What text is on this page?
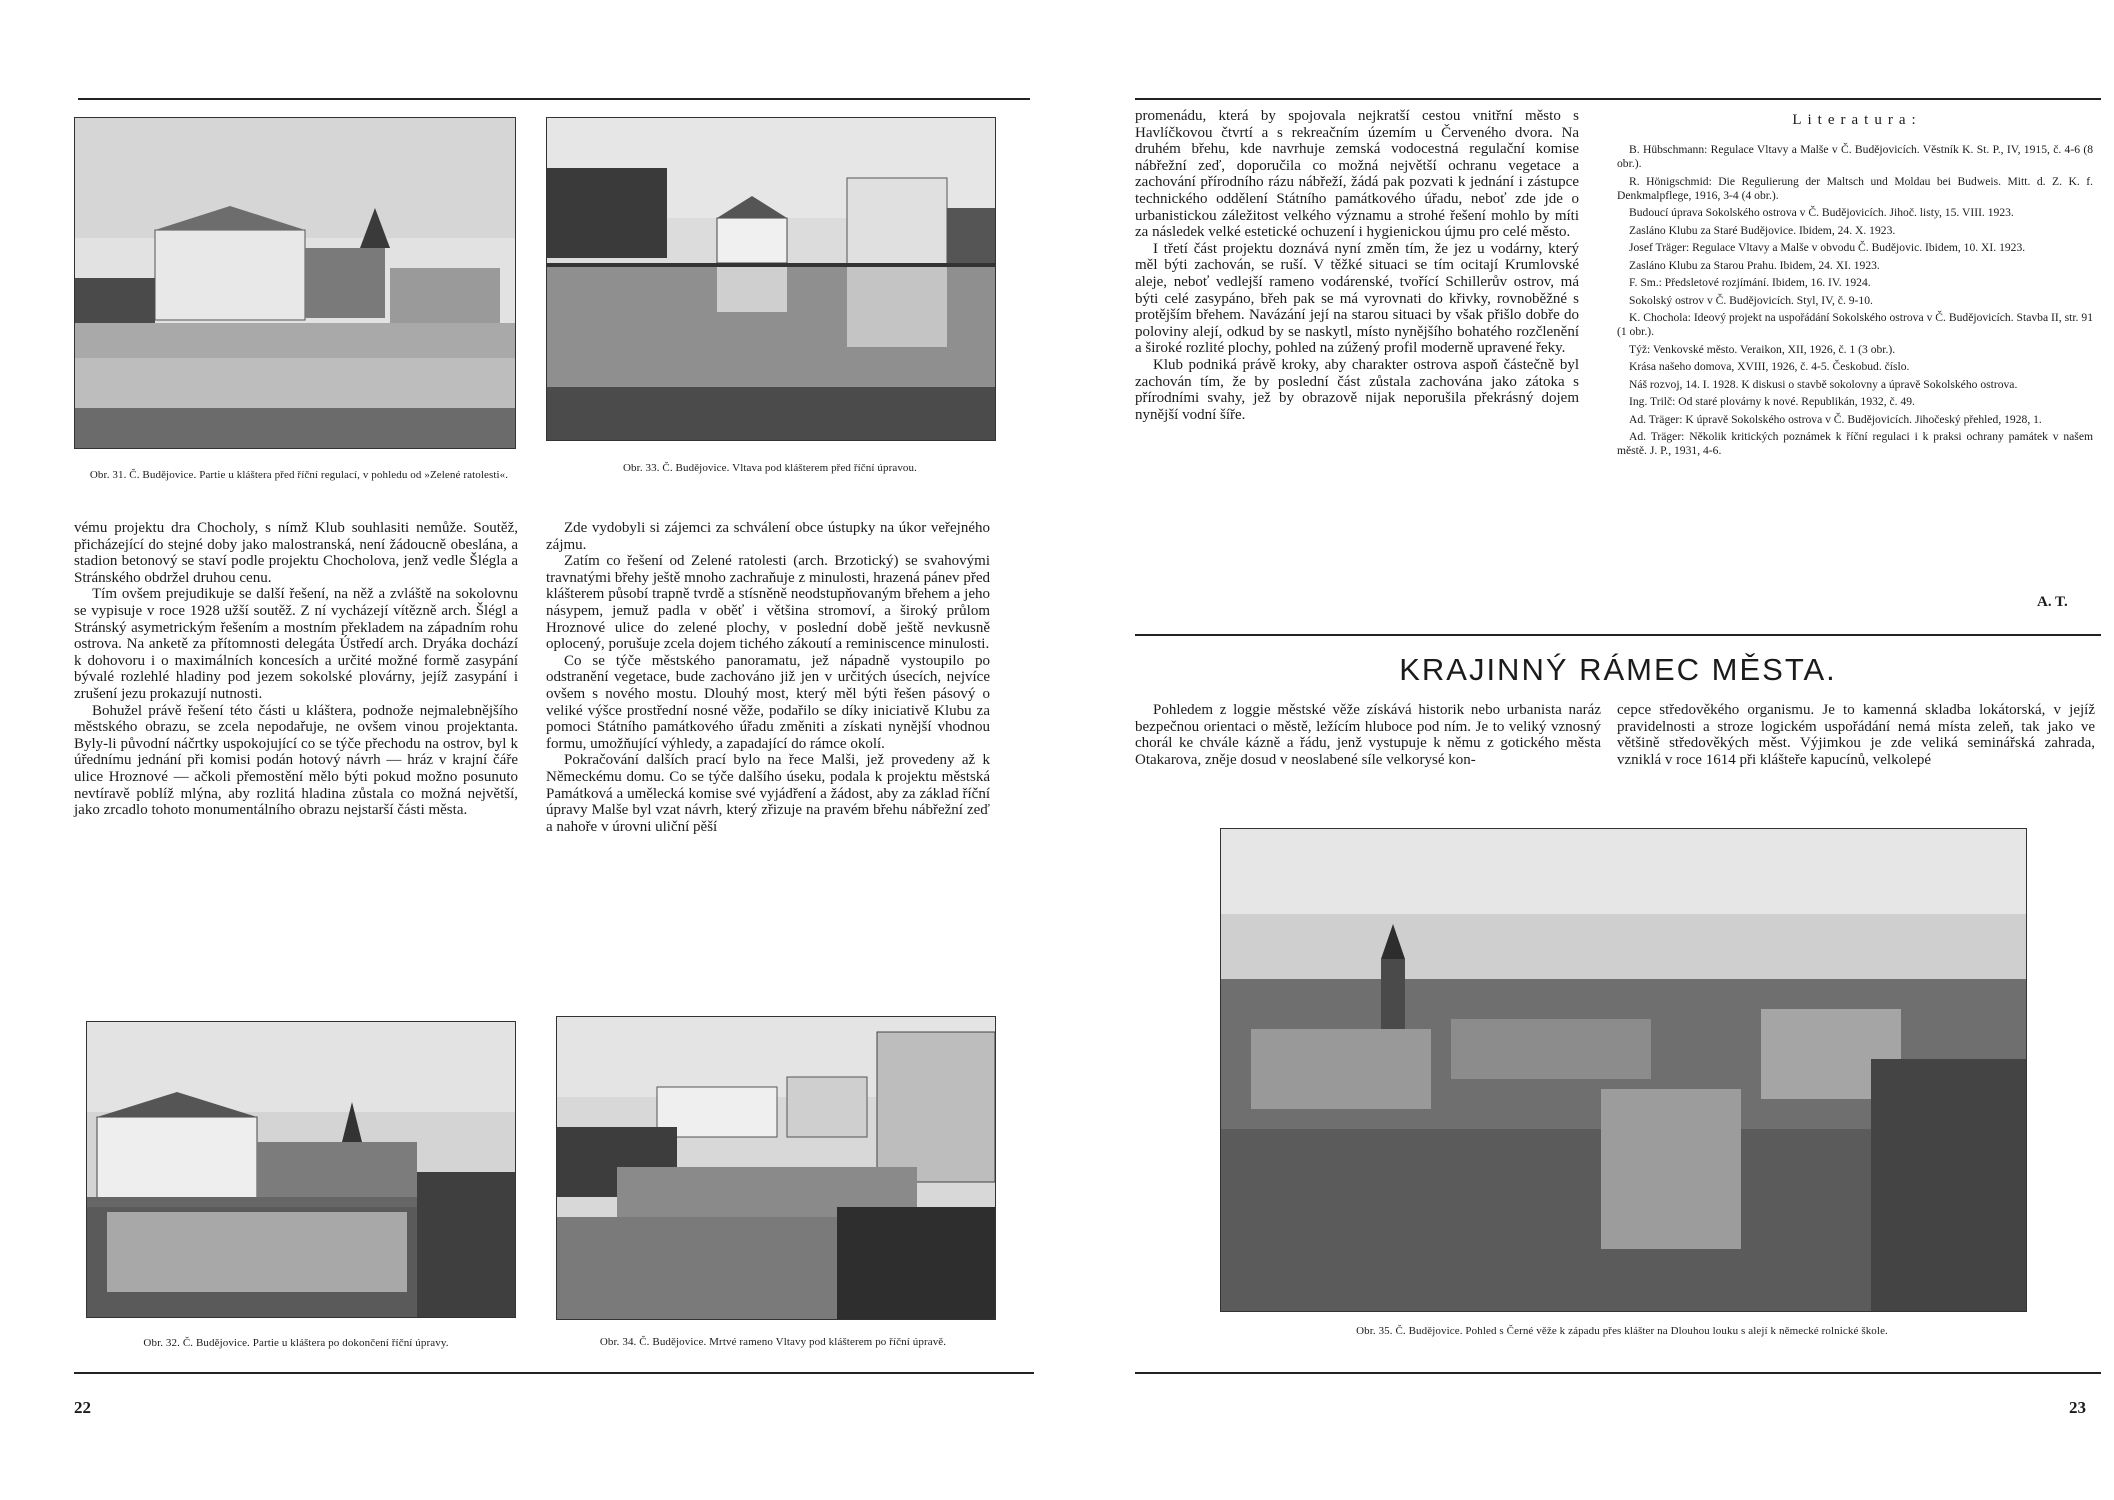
Obr. 31. Č. Budějovice. Partie u kláštera před říční regulací, v pohledu od »Zelené ratolesti«.
Obr. 33. Č. Budějovice. Vltava pod klášterem před říční úpravou.

vému projektu dra Chocholy, s nímž Klub souhlasiti nemůže. Soutěž, přicházející do stejné doby jako malostranská, není žádoucně obeslána, a stadion betonový se staví podle projektu Chocholova, jenž vedle Šlégla a Stránského obdržel druhou cenu.

Tím ovšem prejudikuje se další řešení, na něž a zvláště na sokolovnu se vypisuje v roce 1928 užší soutěž. Z ní vycházejí vítězně arch. Šlégl a Stránský asymetrickým řešením a mostním překladem na západním rohu ostrova. Na anketě za přítomnosti delegáta Ústředí arch. Dryáka dochází k dohovoru i o maximálních koncesích a určité možné formě zasypání bývalé rozlehlé hladiny pod jezem sokolské plovárny, jejíž zasypání i zrušení jezu prokazují nutnosti.

Bohužel právě řešení této části u kláštera, podnože nejmalebnějšího městského obrazu, se zcela nepodařuje, ne ovšem vinou projektanta. Byly-li původní náčrtky uspokojující co se týče přechodu na ostrov, byl k úřednímu jednání při komisi podán hotový návrh — hráz v krajní čáře ulice Hroznové — ačkoli přemostění mělo býti pokud možno posunuto nevtíravě poblíž mlýna, aby rozlitá hladina zůstala co možná největší, jako zrcadlo tohoto monumentálního obrazu nejstarší části města.

Zde vydobyli si zájemci za schválení obce ústupky na úkor veřejného zájmu.

Zatím co řešení od Zelené ratolesti (arch. Brzotický) se svahovými travnatými břehy ještě mnoho zachraňuje z minulosti, hrazená pánev před klášterem působí trapně tvrdě a stísněně neodstupňovaným břehem a jeho násypem, jemuž padla v oběť i většina stromoví, a široký průlom Hroznové ulice do zelené plochy, v poslední době ještě nevkusně oplocený, porušuje zcela dojem tichého zákoutí a reminiscence minulosti.

Co se týče městského panoramatu, jež nápadně vystoupilo po odstranění vegetace, bude zachováno již jen v určitých úsecích, nejvíce ovšem s nového mostu. Dlouhý most, který měl býti řešen pásový o veliké výšce prostřední nosné věže, podařilo se díky iniciativě Klubu za pomoci Státního památkového úřadu změniti a získati nynější vhodnou formu, umožňující výhledy, a zapadající do rámce okolí.

Pokračování dalších prací bylo na řece Malši, jež provedeny až k Německému domu. Co se týče dalšího úseku, podala k projektu městská Památková a umělecká komise své vyjádření a žádost, aby za základ říční úpravy Malše byl vzat návrh, který zřizuje na pravém břehu nábřežní zeď a nahoře v úrovni uliční pěší

Obr. 32. Č. Budějovice. Partie u kláštera po dokončení říční úpravy.	Obr. 34. Č. Budějovice. Mrtvé rameno Vltavy pod klášterem po říční úpravě.
22

promenádu, která by spojovala nejkratší cestou vnitřní město s Havlíčkovou čtvrtí a s rekreačním územím u Červeného dvora. Na druhém břehu, kde navrhuje zemská vodocestná regulační komise nábřežní zeď, doporučila co možná největší ochranu vegetace a zachování přírodního rázu nábřeží, žádá pak pozvati k jednání i zástupce technického oddělení Státního památkového úřadu, neboť zde jde o urbanistickou záležitost velkého významu a strohé řešení mohlo by míti za následek velké estetické ochuzení i hygienickou újmu pro celé město.

I třetí část projektu doznává nyní změn tím, že jez u vodárny, který měl býti zachován, se ruší. V těžké situaci se tím ocitají Krumlovské aleje, neboť vedlejší rameno vodárenské, tvořící Schillerův ostrov, má býti celé zasypáno, břeh pak se má vyrovnati do křivky, rovnoběžné s protějším břehem. Navázání její na starou situaci by však přišlo dobře do poloviny alejí, odkud by se naskytl, místo nynějšího bohatého rozčlenění a široké rozlité plochy, pohled na zúžený profil moderně upravené řeky.

Klub podniká právě kroky, aby charakter ostrova aspoň částečně byl zachován tím, že by poslední část zůstala zachována jako zátoka s přírodními svahy, jež by obrazově nijak neporušila překrásný dojem nynější vodní šíře.

Literatura:
B. Hübschmann: Regulace Vltavy a Malše v Č. Budějovicích. Věstník K. St. P., IV, 1915, č. 4-6 (8 obr.).
R. Hönigschmid: Die Regulierung der Maltsch und Moldau bei Budweis. Mitt. d. Z. K. f. Denkmalpflege, 1916, 3-4 (4 obr.).
Budoucí úprava Sokolského ostrova v Č. Budějovicích. Jihoč. listy, 15. VIII. 1923.
Zasláno Klubu za Staré Budějovice. Ibidem, 24. X. 1923.
Josef Träger: Regulace Vltavy a Malše v obvodu Č. Budějovic. Ibidem, 10. XI. 1923.
Zasláno Klubu za Starou Prahu. Ibidem, 24. XI. 1923.
F. Sm.: Předsletové rozjímání. Ibidem, 16. IV. 1924.
Sokolský ostrov v Č. Budějovicích. Styl, IV, č. 9-10.
K. Chochola: Ideový projekt na uspořádání Sokolského ostrova v Č. Budějovicích. Stavba II, str. 91 (1 obr.).
Týž: Venkovské město. Veraikon, XII, 1926, č. 1 (3 obr.).
Krása našeho domova, XVIII, 1926, č. 4-5. Českobud. číslo.
Náš rozvoj, 14. I. 1928. K diskusi o stavbě sokolovny a úpravě Sokolského ostrova.
Ing. Trilč: Od staré plovárny k nové. Republikán, 1932, č. 49.
Ad. Träger: K úpravě Sokolského ostrova v Č. Budějovicích. Jihočeský přehled, 1928, 1.
Ad. Träger: Několik kritických poznámek k říční regulaci i k praksi ochrany památek v našem městě. J. P., 1931, 4-6.
A. T.
KRAJINNÝ RÁMEC MĚSTA.

Pohledem z loggie městské věže získává historik nebo urbanista naráz bezpečnou orientaci o městě, ležícím hluboce pod ním. Je to veliký vznosný chorál ke chvále kázně a řádu, jenž vystupuje k němu z gotického města Otakarova, zněje dosud v neoslabené síle velkorysé kon-

cepce středověkého organismu. Je to kamenná skladba lokátorská, v jejíž pravidelnosti a stroze logickém uspořádání nemá místa zeleň, tak jako ve většině středověkých měst. Výjimkou je zde veliká seminářská zahrada, vzniklá v roce 1614 při klášteře kapucínů, velkolepé

Obr. 35. Č. Budějovice. Pohled s Černé věže k západu přes klášter na Dlouhou louku s alejí k německé rolnické škole.
23
